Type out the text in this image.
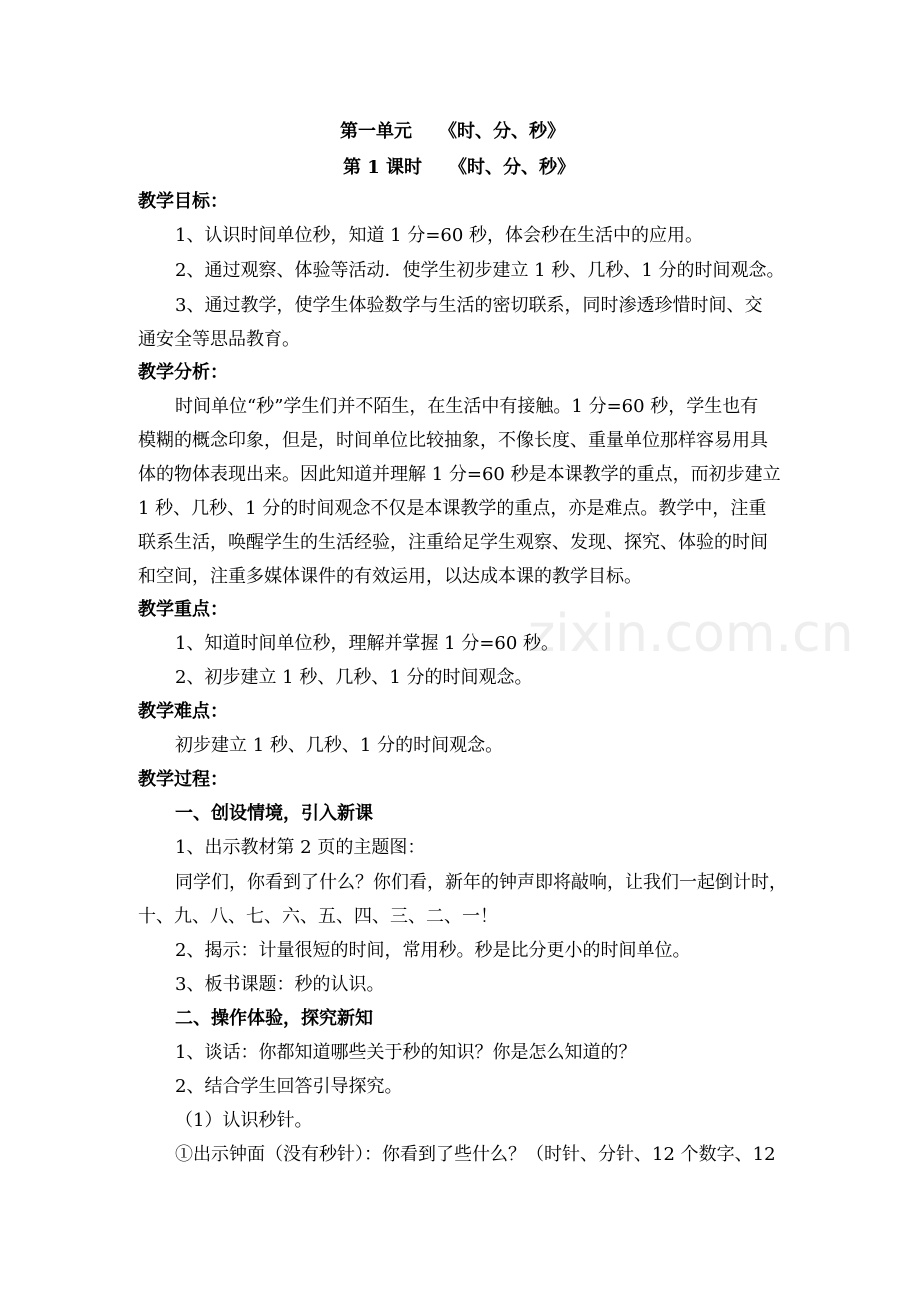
zixin.com.cn
第一单元　　《时、分、秒》
第 1 课时　　《时、分、秒》
教学目标：
1、认识时间单位秒，知道 1 分=60 秒，体会秒在生活中的应用。
2、通过观察、体验等活动．使学生初步建立 1 秒、几秒、1 分的时间观念。
3、通过教学，使学生体验数学与生活的密切联系，同时渗透珍惜时间、交
通安全等思品教育。
教学分析：
时间单位“秒”学生们并不陌生，在生活中有接触。1 分=60 秒，学生也有
模糊的概念印象，但是，时间单位比较抽象，不像长度、重量单位那样容易用具
体的物体表现出来。因此知道并理解 1 分=60 秒是本课教学的重点，而初步建立
1 秒、几秒、1 分的时间观念不仅是本课教学的重点，亦是难点。教学中，注重
联系生活，唤醒学生的生活经验，注重给足学生观察、发现、探究、体验的时间
和空间，注重多媒体课件的有效运用，以达成本课的教学目标。
教学重点：
1、知道时间单位秒，理解并掌握 1 分=60 秒。
2、初步建立 1 秒、几秒、1 分的时间观念。
教学难点：
初步建立 1 秒、几秒、1 分的时间观念。
教学过程：
一、创设情境，引入新课
1、出示教材第 2 页的主题图：
同学们，你看到了什么？你们看，新年的钟声即将敲响，让我们一起倒计时，
十、九、八、七、六、五、四、三、二、一！
2、揭示：计量很短的时间，常用秒。秒是比分更小的时间单位。
3、板书课题：秒的认识。
二、操作体验，探究新知
1、谈话：你都知道哪些关于秒的知识？你是怎么知道的？
2、结合学生回答引导探究。
（1）认识秒针。
①出示钟面（没有秒针）：你看到了些什么？（时针、分针、12 个数字、12
